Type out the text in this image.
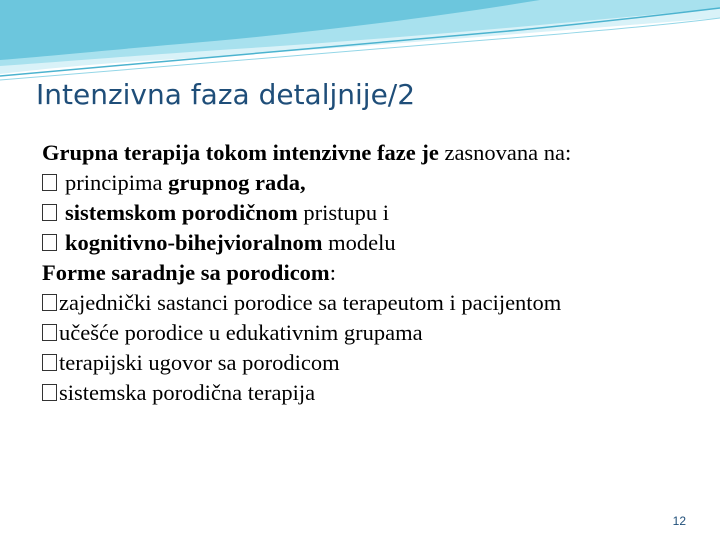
Intenzivna faza detaljnije/2
Grupna terapija tokom intenzivne faze je zasnovana na:
principima grupnog rada,
sistemskom porodičnom pristupu i
kognitivno-bihejvioralnom modelu
Forme saradnje sa porodicom:
zajednički sastanci porodice sa terapeutom i pacijentom
učešće porodice u edukativnim grupama
terapijski ugovor sa porodicom
sistemska porodična terapija
12
